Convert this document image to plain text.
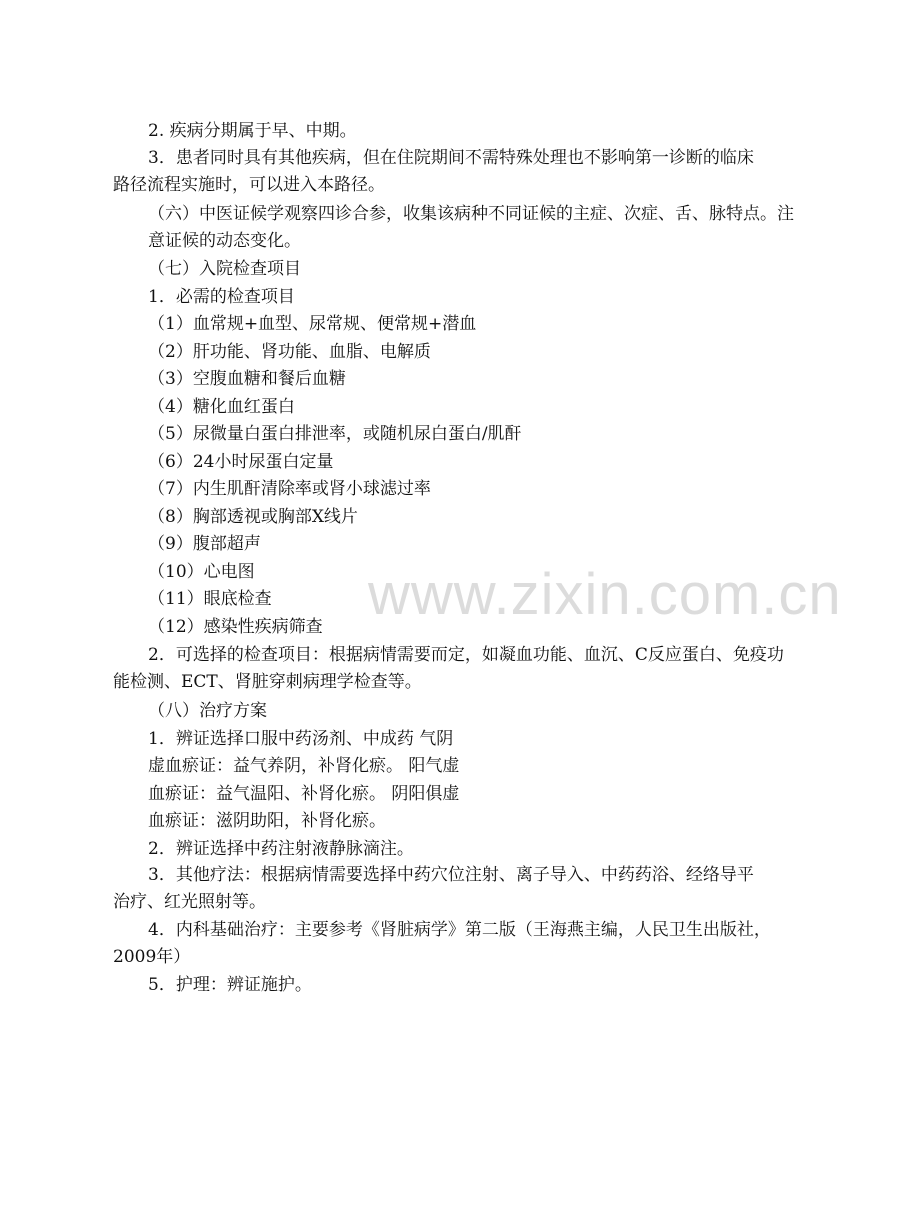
www.zixin.com.cn
2. 疾病分期属于早、中期。
3．患者同时具有其他疾病，但在住院期间不需特殊处理也不影响第一诊断的临床
路径流程实施时，可以进入本路径。
（六）中医证候学观察四诊合参，收集该病种不同证候的主症、次症、舌、脉特点。注
意证候的动态变化。
（七）入院检查项目
1．必需的检查项目
（1）血常规+血型、尿常规、便常规+潜血
（2）肝功能、肾功能、血脂、电解质
（3）空腹血糖和餐后血糖
（4）糖化血红蛋白
（5）尿微量白蛋白排泄率，或随机尿白蛋白/肌酐
（6）24小时尿蛋白定量
（7）内生肌酐清除率或肾小球滤过率
（8）胸部透视或胸部X线片
（9）腹部超声
（10）心电图
（11）眼底检查
（12）感染性疾病筛查
2．可选择的检查项目：根据病情需要而定，如凝血功能、血沉、C反应蛋白、免疫功
能检测、ECT、肾脏穿刺病理学检查等。
（八）治疗方案
1．辨证选择口服中药汤剂、中成药 气阴
虚血瘀证：益气养阴，补肾化瘀。 阳气虚
血瘀证：益气温阳、补肾化瘀。 阴阳俱虚
血瘀证：滋阴助阳，补肾化瘀。
2．辨证选择中药注射液静脉滴注。
3．其他疗法：根据病情需要选择中药穴位注射、离子导入、中药药浴、经络导平
治疗、红光照射等。
4．内科基础治疗：主要参考《肾脏病学》第二版（王海燕主编，人民卫生出版社，
2009年）
5．护理：辨证施护。
